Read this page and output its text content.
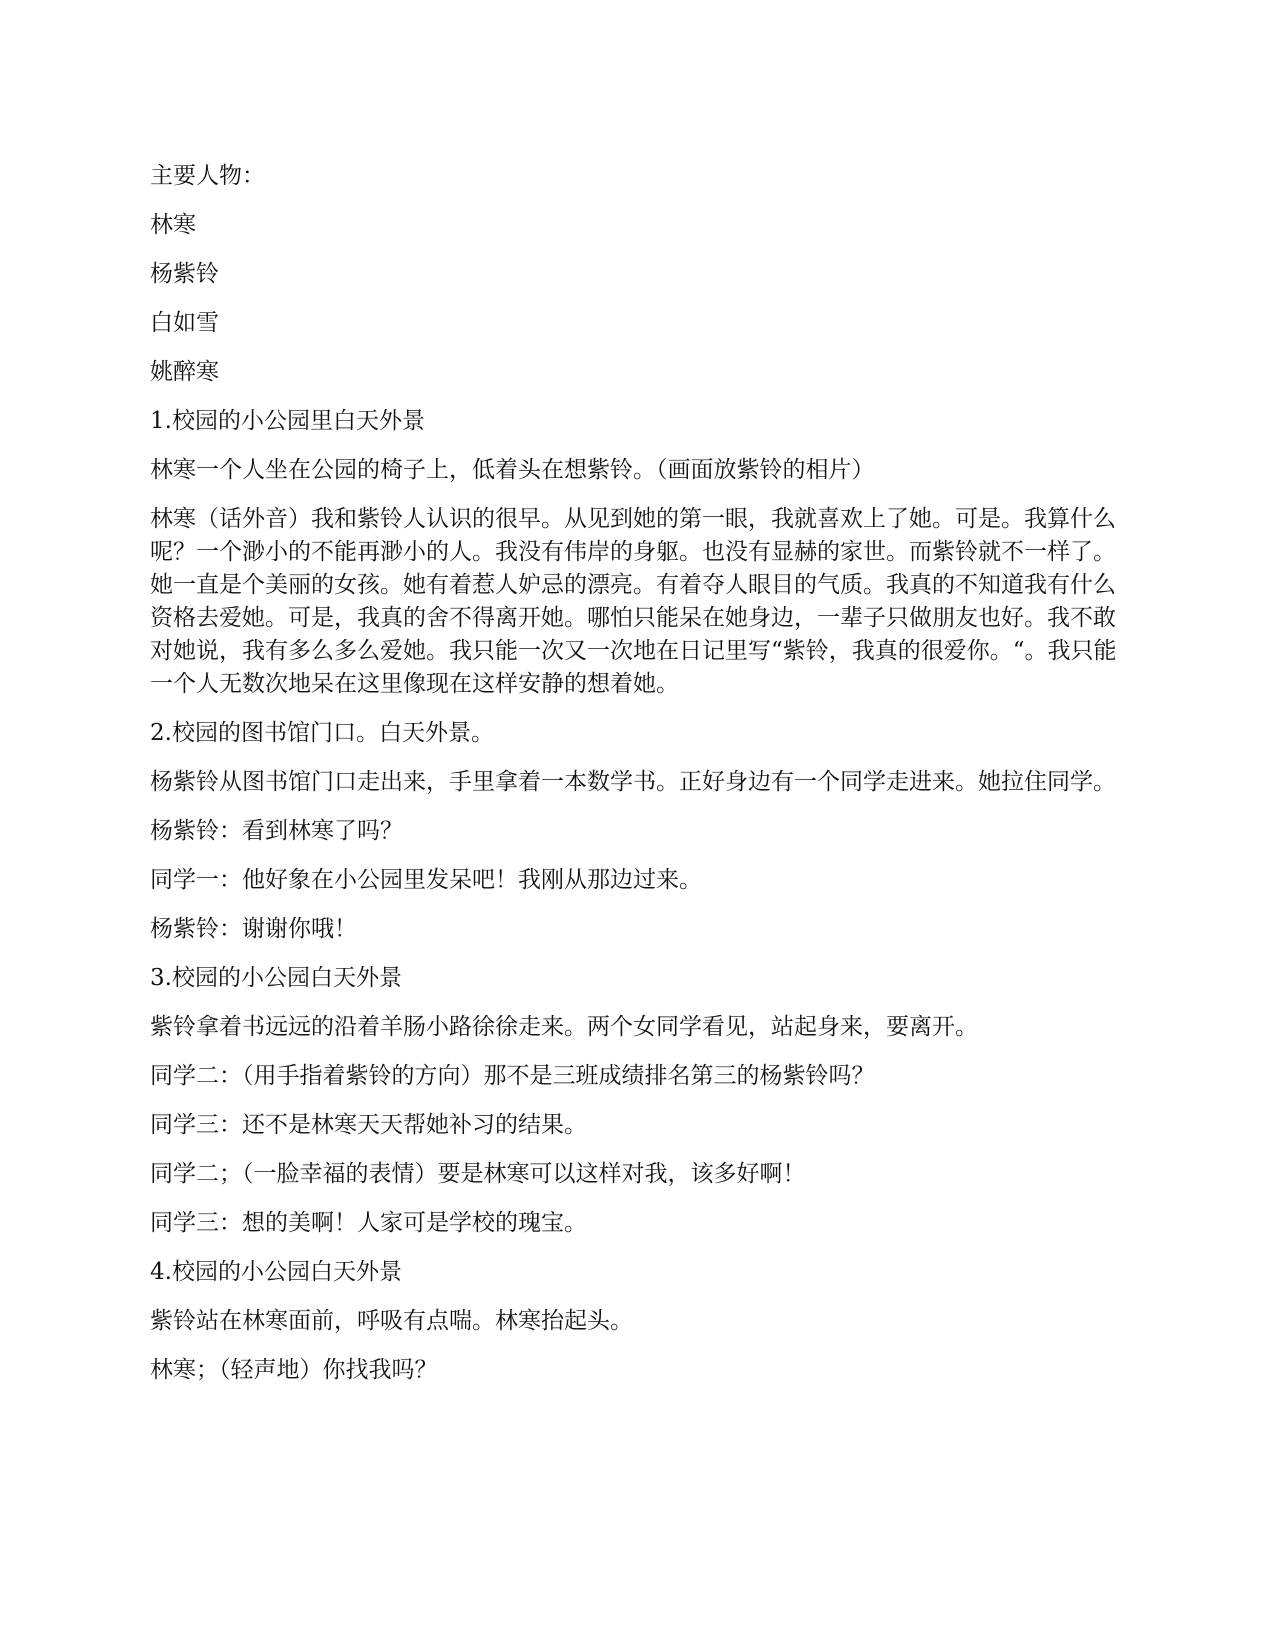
主要人物：

林寒

杨紫铃

白如雪

姚醉寒

1.校园的小公园里白天外景

林寒一个人坐在公园的椅子上，低着头在想紫铃。（画面放紫铃的相片）

林寒（话外音）我和紫铃人认识的很早。从见到她的第一眼，我就喜欢上了她。可是。我算什么呢？一个渺小的不能再渺小的人。我没有伟岸的身躯。也没有显赫的家世。而紫铃就不一样了。她一直是个美丽的女孩。她有着惹人妒忌的漂亮。有着夺人眼目的气质。我真的不知道我有什么资格去爱她。可是，我真的舍不得离开她。哪怕只能呆在她身边，一辈子只做朋友也好。我不敢对她说，我有多么多么爱她。我只能一次又一次地在日记里写“紫铃，我真的很爱你。“。我只能一个人无数次地呆在这里像现在这样安静的想着她。

2.校园的图书馆门口。白天外景。

杨紫铃从图书馆门口走出来，手里拿着一本数学书。正好身边有一个同学走进来。她拉住同学。

杨紫铃：看到林寒了吗？

同学一：他好象在小公园里发呆吧！我刚从那边过来。

杨紫铃：谢谢你哦！

3.校园的小公园白天外景

紫铃拿着书远远的沿着羊肠小路徐徐走来。两个女同学看见，站起身来，要离开。

同学二：（用手指着紫铃的方向）那不是三班成绩排名第三的杨紫铃吗？

同学三：还不是林寒天天帮她补习的结果。

同学二；（一脸幸福的表情）要是林寒可以这样对我，该多好啊！

同学三：想的美啊！人家可是学校的瑰宝。

4.校园的小公园白天外景

紫铃站在林寒面前，呼吸有点喘。林寒抬起头。

林寒；（轻声地）你找我吗？
